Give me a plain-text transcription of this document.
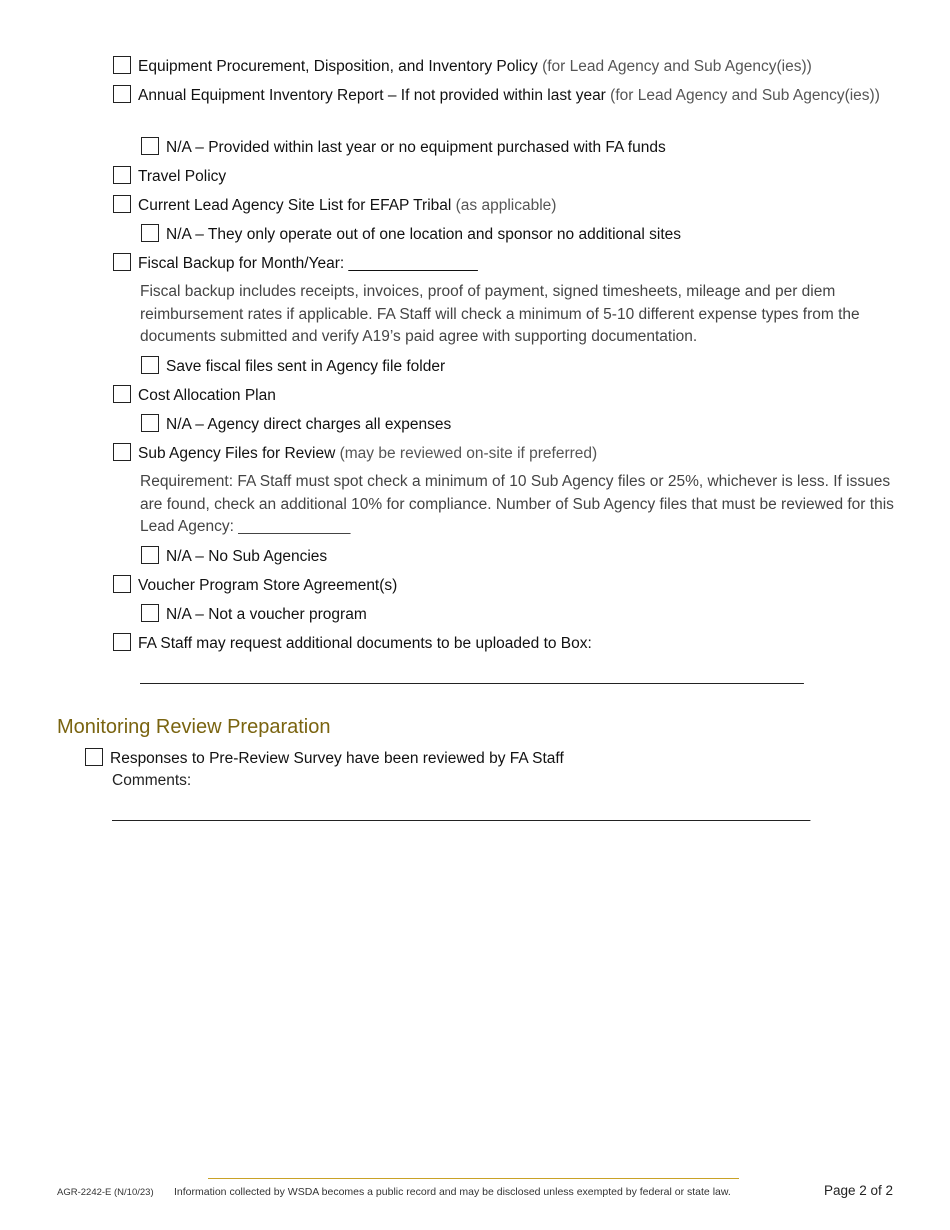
Equipment Procurement, Disposition, and Inventory Policy (for Lead Agency and Sub Agency(ies))
Annual Equipment Inventory Report – If not provided within last year (for Lead Agency and Sub Agency(ies))
N/A – Provided within last year or no equipment purchased with FA funds
Travel Policy
Current Lead Agency Site List for EFAP Tribal (as applicable)
N/A – They only operate out of one location and sponsor no additional sites
Fiscal Backup for Month/Year: _______________
Fiscal backup includes receipts, invoices, proof of payment, signed timesheets, mileage and per diem reimbursement rates if applicable. FA Staff will check a minimum of 5-10 different expense types from the documents submitted and verify A19’s paid agree with supporting documentation.
Save fiscal files sent in Agency file folder
Cost Allocation Plan
N/A – Agency direct charges all expenses
Sub Agency Files for Review (may be reviewed on-site if preferred)
Requirement: FA Staff must spot check a minimum of 10 Sub Agency files or 25%, whichever is less. If issues are found, check an additional 10% for compliance. Number of Sub Agency files that must be reviewed for this Lead Agency: _____________
N/A – No Sub Agencies
Voucher Program Store Agreement(s)
N/A – Not a voucher program
FA Staff may request additional documents to be uploaded to Box:
_____________________________________________________________________________
Monitoring Review Preparation
Responses to Pre-Review Survey have been reviewed by FA Staff
Comments:
_________________________________________________________________________________
AGR-2242-E (N/10/23) Information collected by WSDA becomes a public record and may be disclosed unless exempted by federal or state law.	Page 2 of 2
